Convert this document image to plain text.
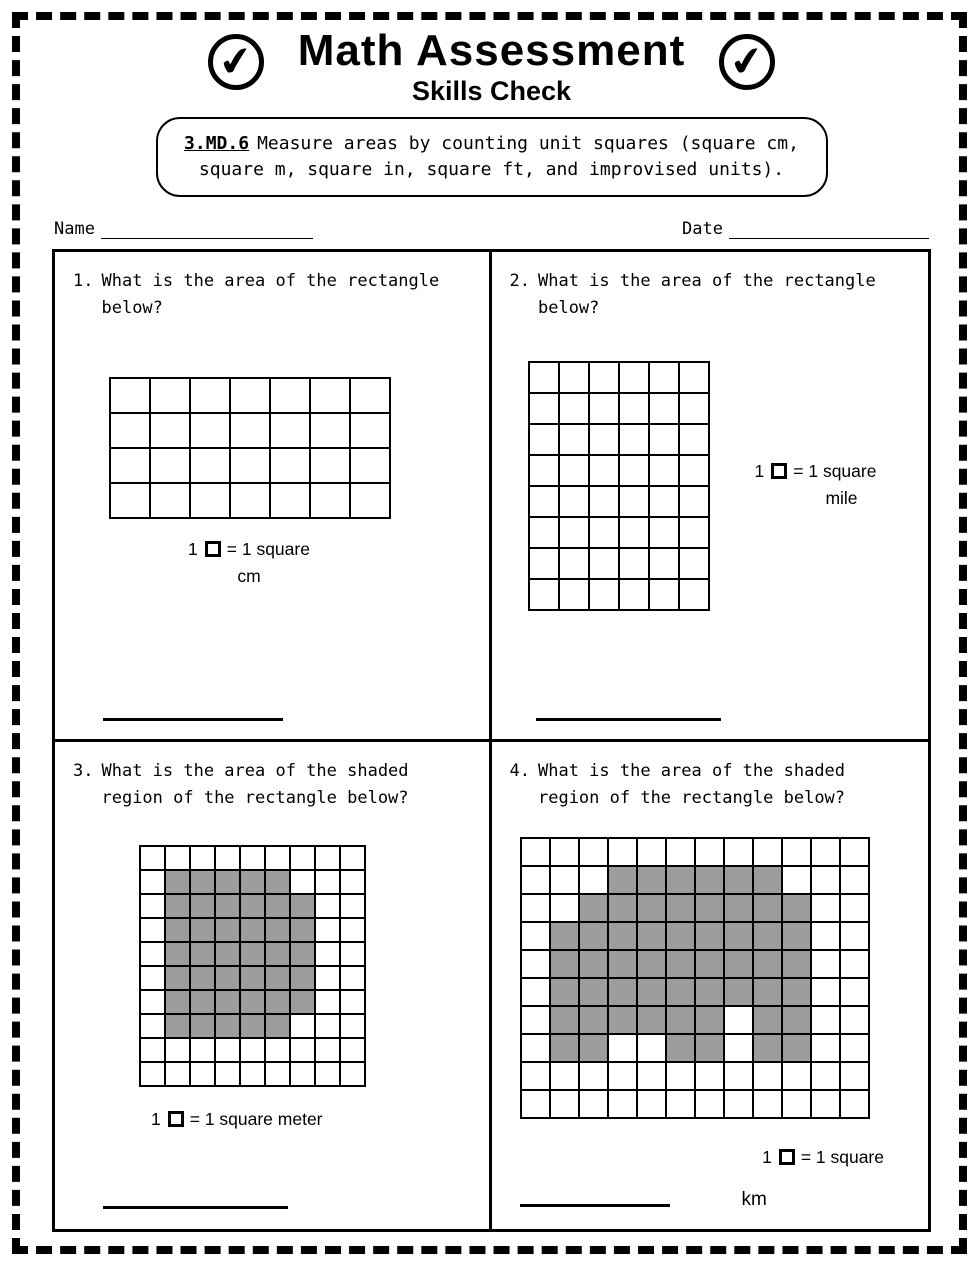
✔ Math Assessment
Skills Check
✔
3.MD.6 Measure areas by counting unit squares (square cm, square m, square in, square ft, and improvised units).
Name	Date
1. What is the area of the rectangle below?
1 = 1 square
cm
2. What is the area of the rectangle below?
1 = 1 square
mile
3. What is the area of the shaded region of the rectangle below?
1 = 1 square meter
4. What is the area of the shaded region of the rectangle below?
1 = 1 square
km
